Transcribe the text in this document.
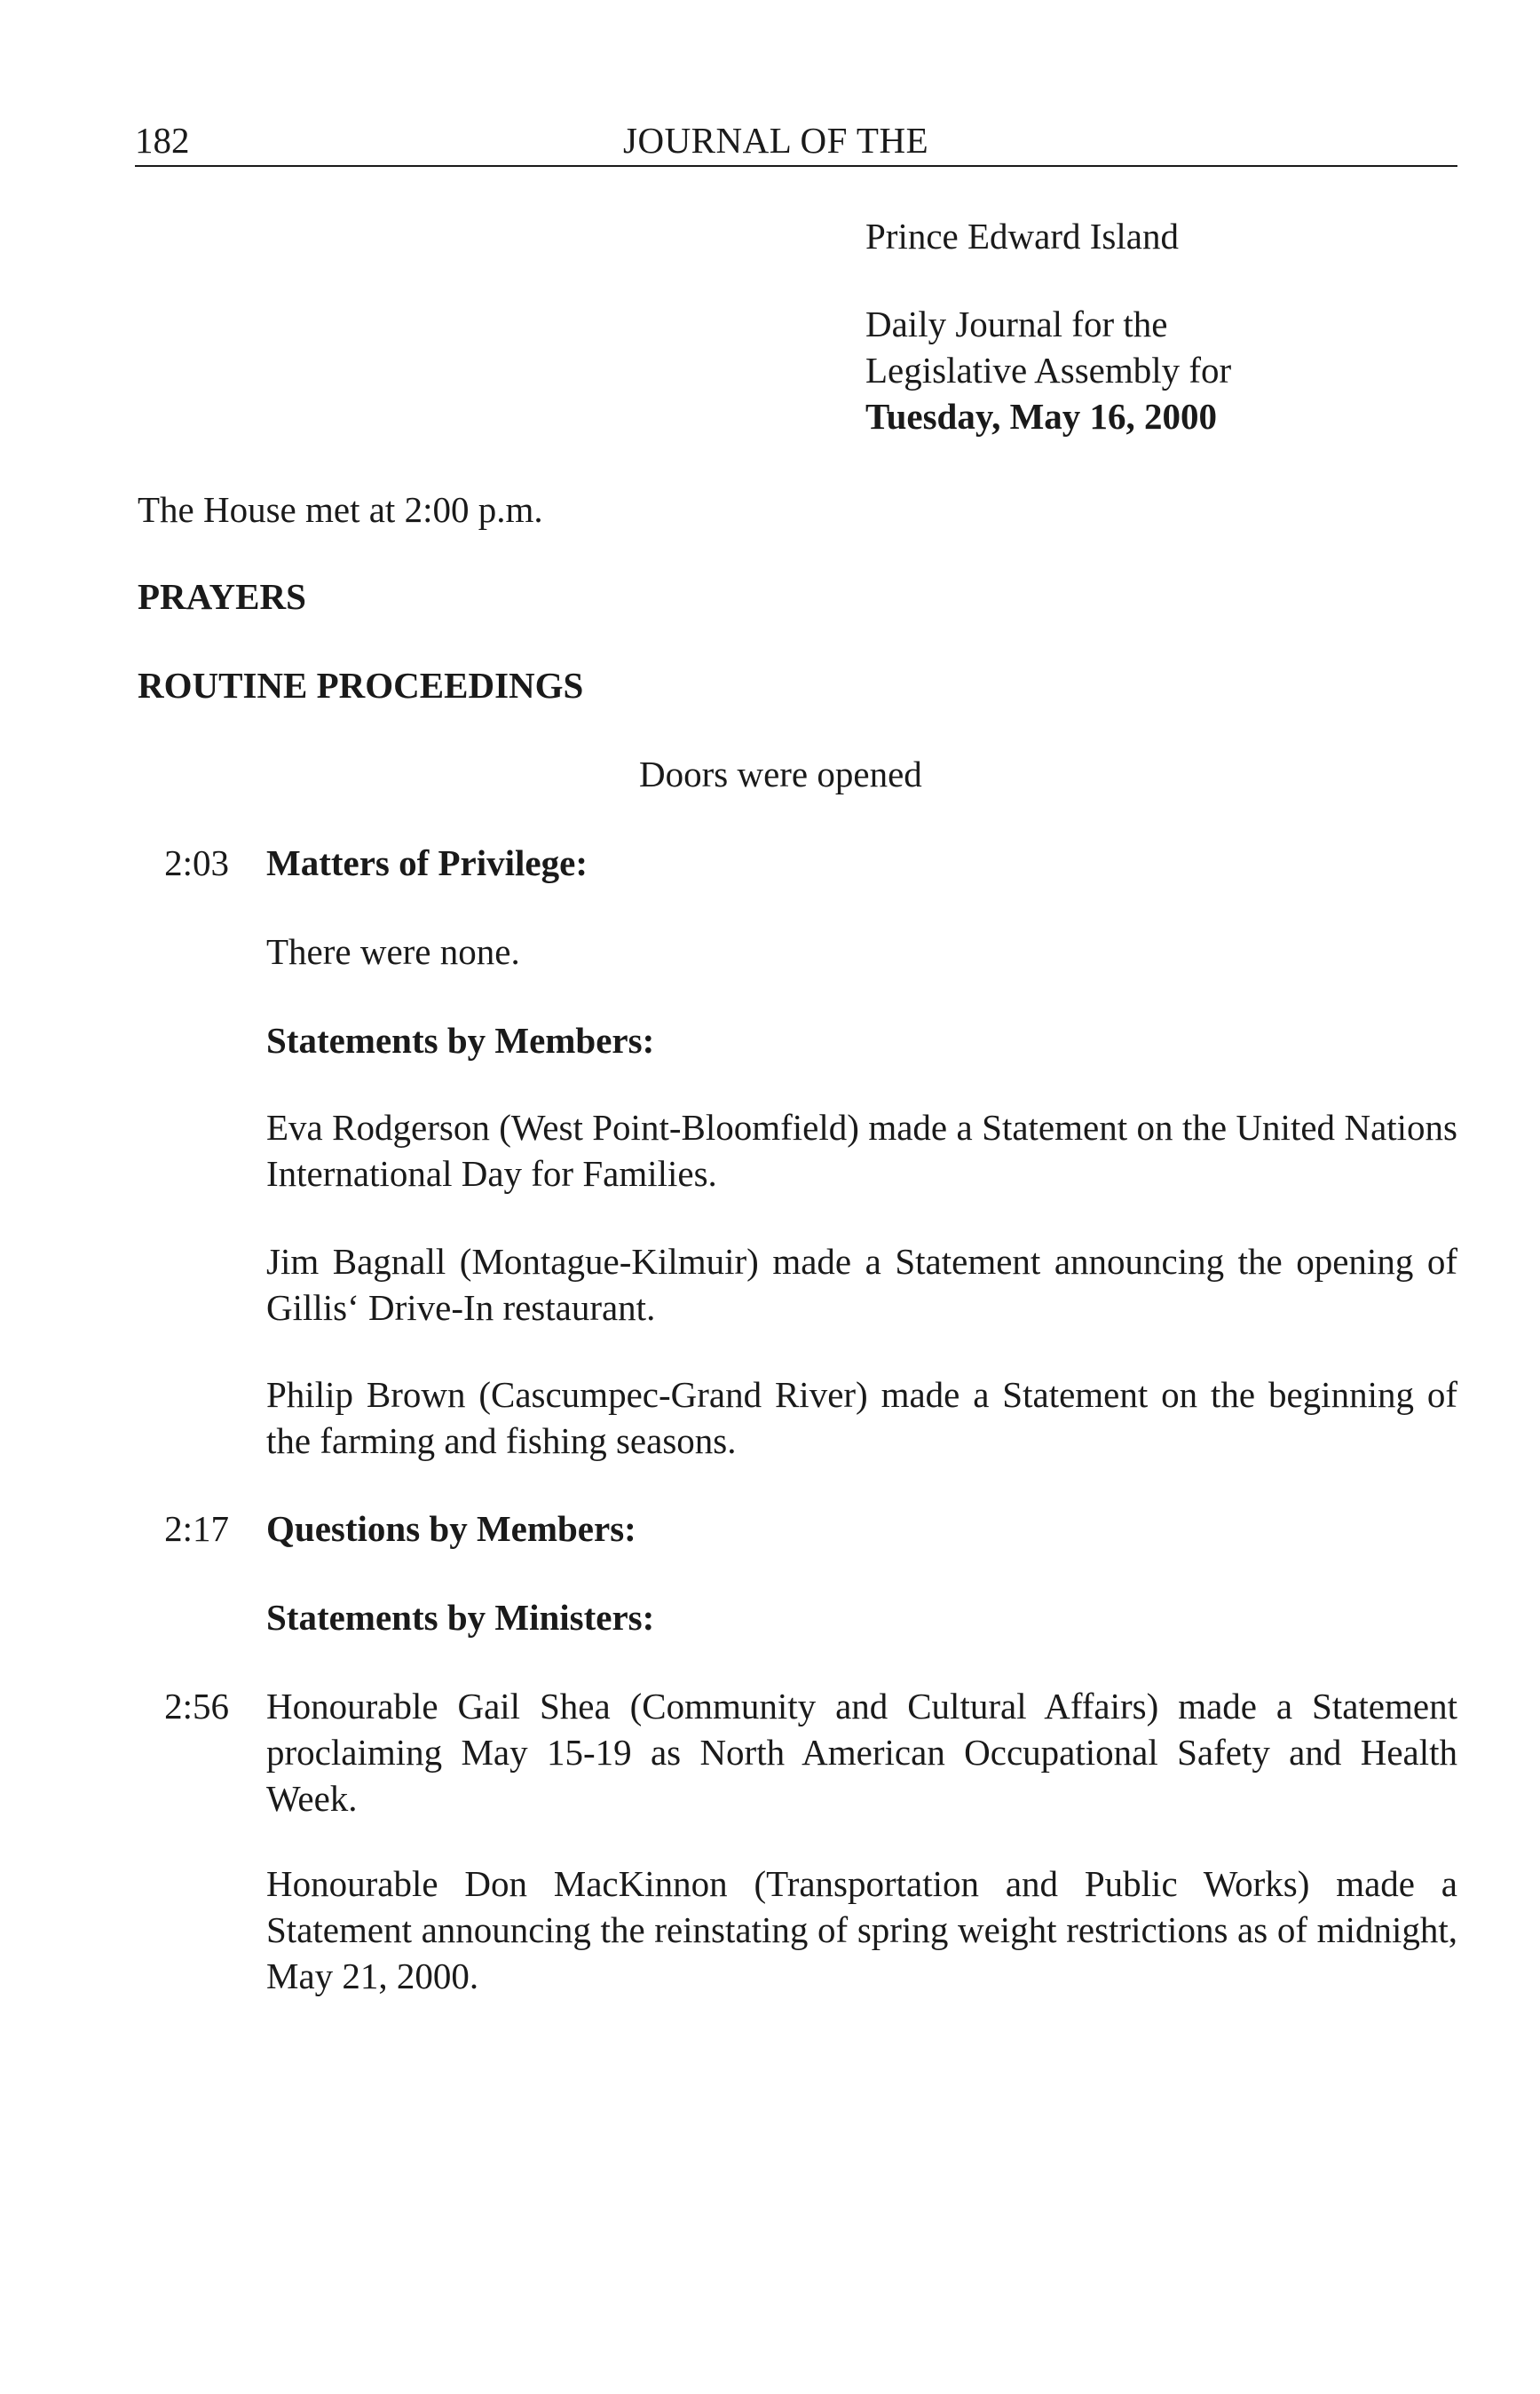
182	JOURNAL OF THE
Prince Edward Island
Daily Journal for the
Legislative Assembly for
Tuesday, May 16, 2000
The House met at 2:00 p.m.
PRAYERS
ROUTINE PROCEEDINGS
Doors were opened
2:03 Matters of Privilege:
There were none.
Statements by Members:
Eva Rodgerson (West Point-Bloomfield) made a Statement on the United Nations International Day for Families.
Jim Bagnall (Montague-Kilmuir) made a Statement announcing the opening of Gillis‘ Drive-In restaurant.
Philip Brown (Cascumpec-Grand River) made a Statement on the beginning of the farming and fishing seasons.
2:17 Questions by Members:
Statements by Ministers:
2:56 Honourable Gail Shea (Community and Cultural Affairs) made a Statement proclaiming May 15-19 as North American Occupational Safety and Health Week.
Honourable Don MacKinnon (Transportation and Public Works) made a Statement announcing the reinstating of spring weight restrictions as of midnight, May 21, 2000.
